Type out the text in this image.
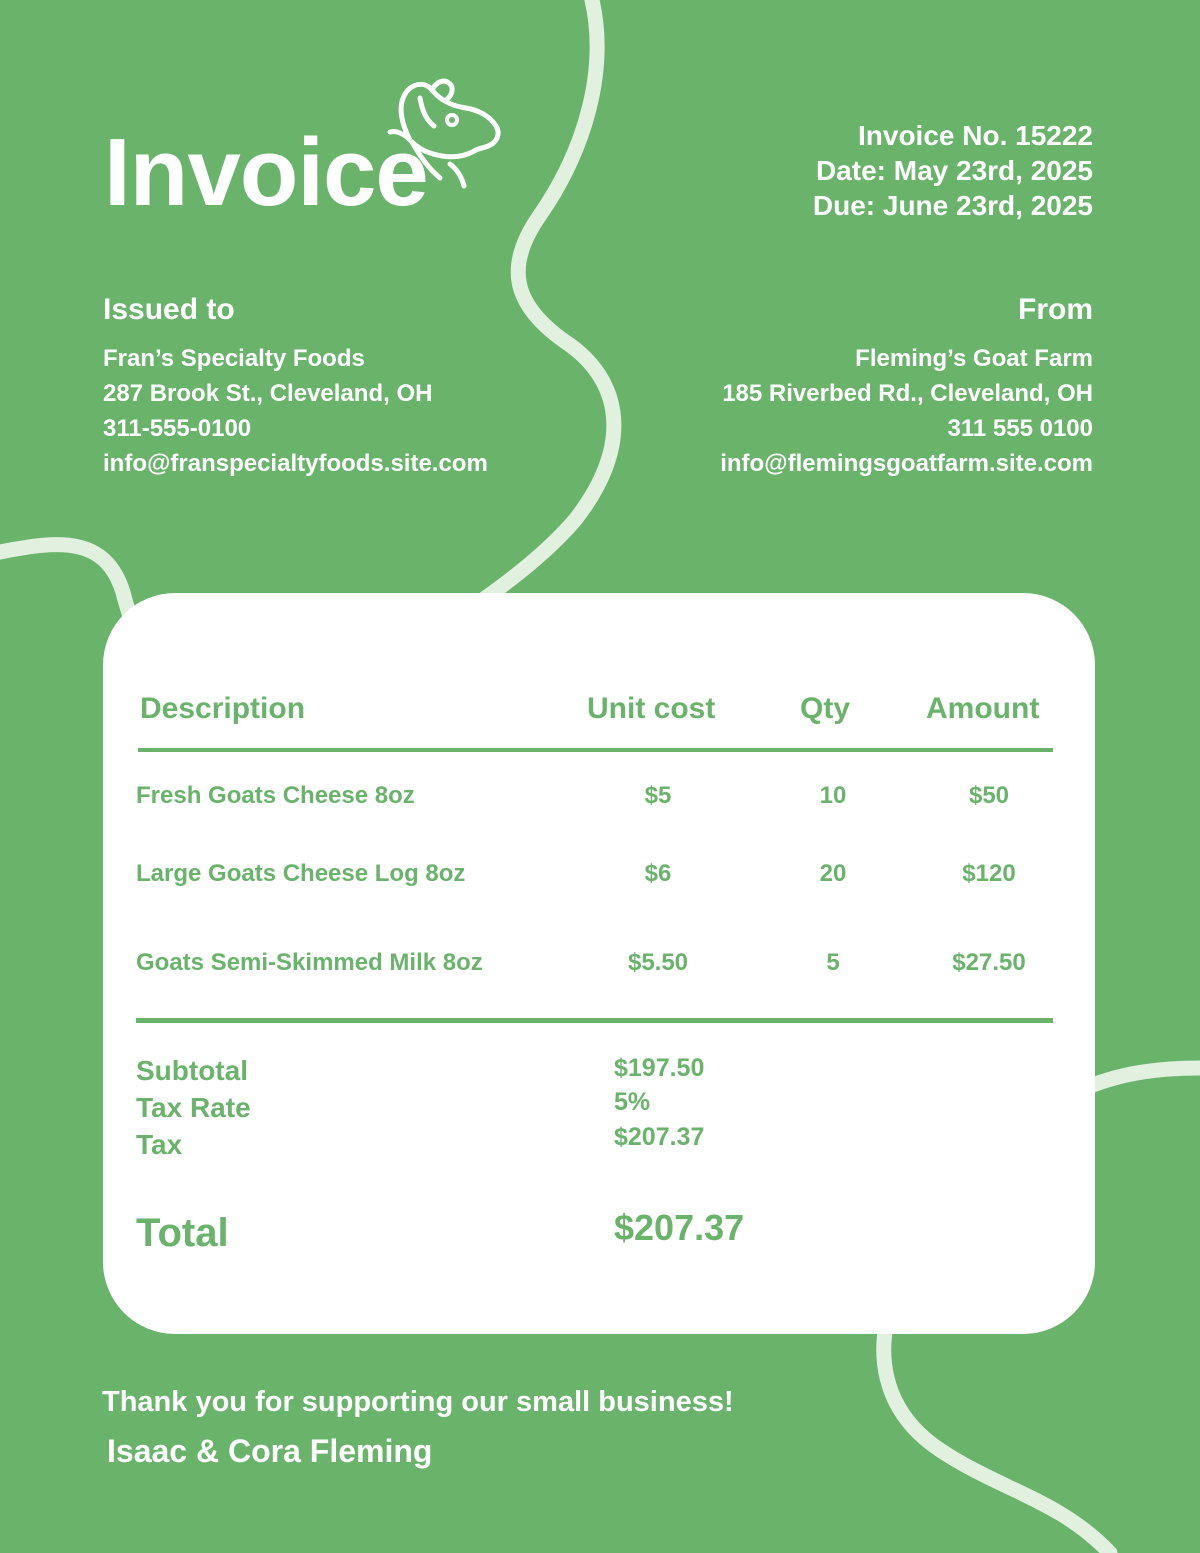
Invoice	Invoice No. 15222
Date: May 23rd, 2025
Due: June 23rd, 2025
Issued to
Fran’s Specialty Foods
287 Brook St., Cleveland, OH
311-555-0100
info@franspecialtyfoods.site.com
From
Fleming’s Goat Farm
185 Riverbed Rd., Cleveland, OH
311 555 0100
info@flemingsgoatfarm.site.com
Description	Unit cost	Qty	Amount
Fresh Goats Cheese 8oz	$5	10	$50
Large Goats Cheese Log 8oz	$6	20	$120
Goats Semi-Skimmed Milk 8oz	$5.50	5	$27.50
Subtotal	$197.50
Tax Rate	5%
Tax	$207.37
Total	$207.37
Thank you for supporting our small business!
Isaac & Cora Fleming
